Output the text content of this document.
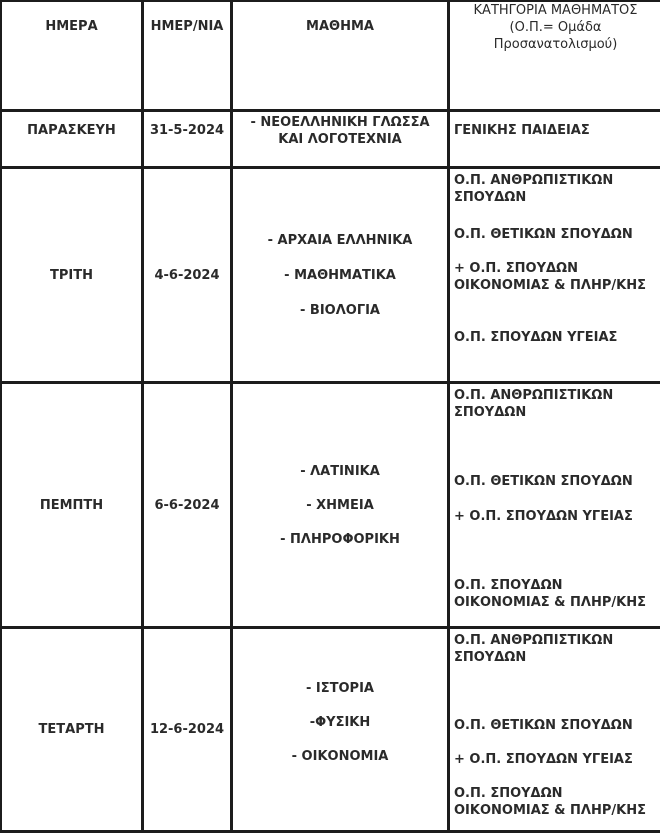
ΗΜΕΡΑ	ΗΜΕΡ/ΝΙΑ	ΜΑΘΗΜΑ	ΚΑΤΗΓΟΡΙΑ ΜΑΘΗΜΑΤΟΣ
(Ο.Π.= Ομάδα
Προσανατολισμού)

ΠΑΡΑΣΚΕΥΗ	31-5-2024	- ΝΕΟΕΛΛΗΝΙΚΗ ΓΛΩΣΣΑ
ΚΑΙ ΛΟΓΟΤΕΧΝΙΑ	ΓΕΝΙΚΗΣ ΠΑΙΔΕΙΑΣ

ΤΡΙΤΗ	4-6-2024	- ΑΡΧΑΙΑ ΕΛΛΗΝΙΚΑ
- ΜΑΘΗΜΑΤΙΚΑ
- ΒΙΟΛΟΓΙΑ	Ο.Π. ΑΝΘΡΩΠΙΣΤΙΚΩΝ ΣΠΟΥΔΩΝ
Ο.Π. ΘΕΤΙΚΩΝ ΣΠΟΥΔΩΝ
+ Ο.Π. ΣΠΟΥΔΩΝ ΟΙΚΟΝΟΜΙΑΣ & ΠΛΗΡ/ΚΗΣ
Ο.Π. ΣΠΟΥΔΩΝ ΥΓΕΙΑΣ

ΠΕΜΠΤΗ	6-6-2024	- ΛΑΤΙΝΙΚΑ
- ΧΗΜΕΙΑ
- ΠΛΗΡΟΦΟΡΙΚΗ	Ο.Π. ΑΝΘΡΩΠΙΣΤΙΚΩΝ ΣΠΟΥΔΩΝ
Ο.Π. ΘΕΤΙΚΩΝ ΣΠΟΥΔΩΝ
+ Ο.Π. ΣΠΟΥΔΩΝ ΥΓΕΙΑΣ
Ο.Π. ΣΠΟΥΔΩΝ ΟΙΚΟΝΟΜΙΑΣ & ΠΛΗΡ/ΚΗΣ

ΤΕΤΑΡΤΗ	12-6-2024	- ΙΣΤΟΡΙΑ
-ΦΥΣΙΚΗ
- ΟΙΚΟΝΟΜΙΑ	Ο.Π. ΑΝΘΡΩΠΙΣΤΙΚΩΝ ΣΠΟΥΔΩΝ
Ο.Π. ΘΕΤΙΚΩΝ ΣΠΟΥΔΩΝ
+ Ο.Π. ΣΠΟΥΔΩΝ ΥΓΕΙΑΣ
Ο.Π. ΣΠΟΥΔΩΝ ΟΙΚΟΝΟΜΙΑΣ & ΠΛΗΡ/ΚΗΣ
